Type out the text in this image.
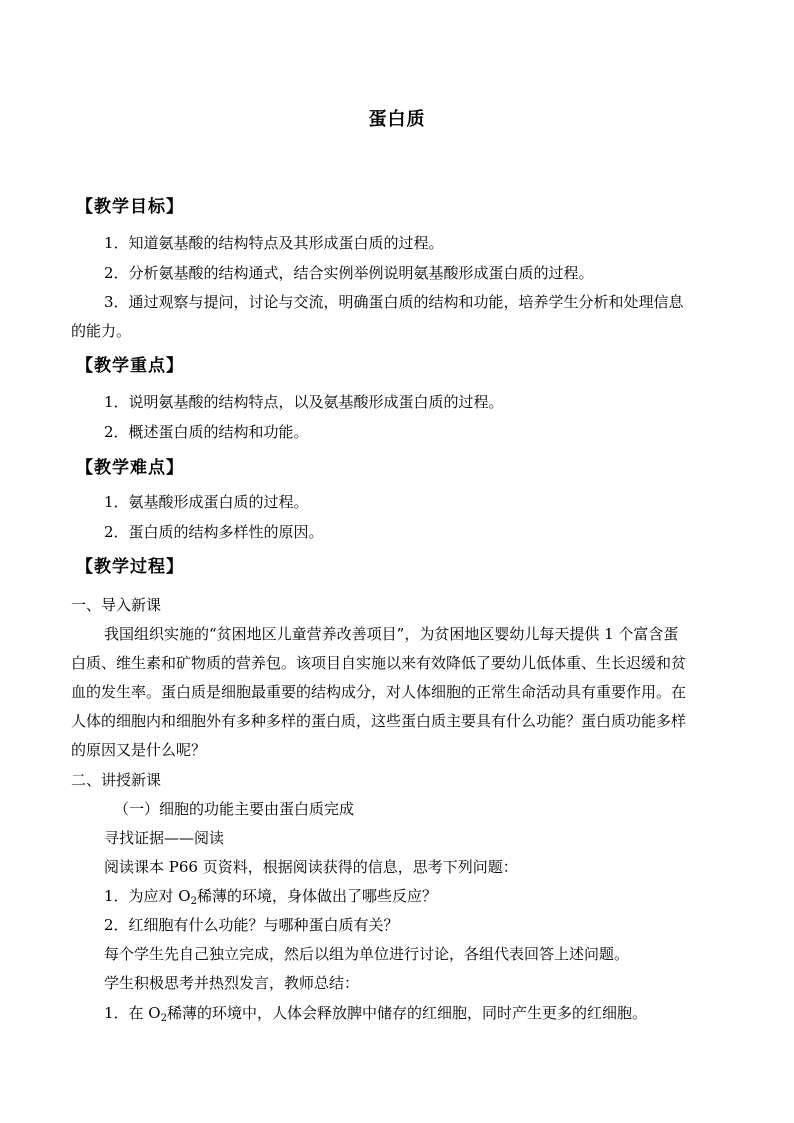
蛋白质
【教学目标】
1．知道氨基酸的结构特点及其形成蛋白质的过程。
2．分析氨基酸的结构通式，结合实例举例说明氨基酸形成蛋白质的过程。
3．通过观察与提问，讨论与交流，明确蛋白质的结构和功能，培养学生分析和处理信息
的能力。
【教学重点】
1．说明氨基酸的结构特点，以及氨基酸形成蛋白质的过程。
2．概述蛋白质的结构和功能。
【教学难点】
1．氨基酸形成蛋白质的过程。
2．蛋白质的结构多样性的原因。
【教学过程】
一、导入新课
我国组织实施的“贫困地区儿童营养改善项目”，为贫困地区婴幼儿每天提供 1 个富含蛋
白质、维生素和矿物质的营养包。该项目自实施以来有效降低了要幼儿低体重、生长迟缓和贫
血的发生率。蛋白质是细胞最重要的结构成分，对人体细胞的正常生命活动具有重要作用。在
人体的细胞内和细胞外有多种多样的蛋白质，这些蛋白质主要具有什么功能？蛋白质功能多样
的原因又是什么呢？
二、讲授新课
（一）细胞的功能主要由蛋白质完成
寻找证据——阅读
阅读课本 P66 页资料，根据阅读获得的信息，思考下列问题：
1．为应对 $O_2$稀薄的环境，身体做出了哪些反应？
2．红细胞有什么功能？与哪种蛋白质有关？
每个学生先自己独立完成，然后以组为单位进行讨论，各组代表回答上述问题。
学生积极思考并热烈发言，教师总结：
1．在 $O_2$稀薄的环境中，人体会释放脾中储存的红细胞，同时产生更多的红细胞。
